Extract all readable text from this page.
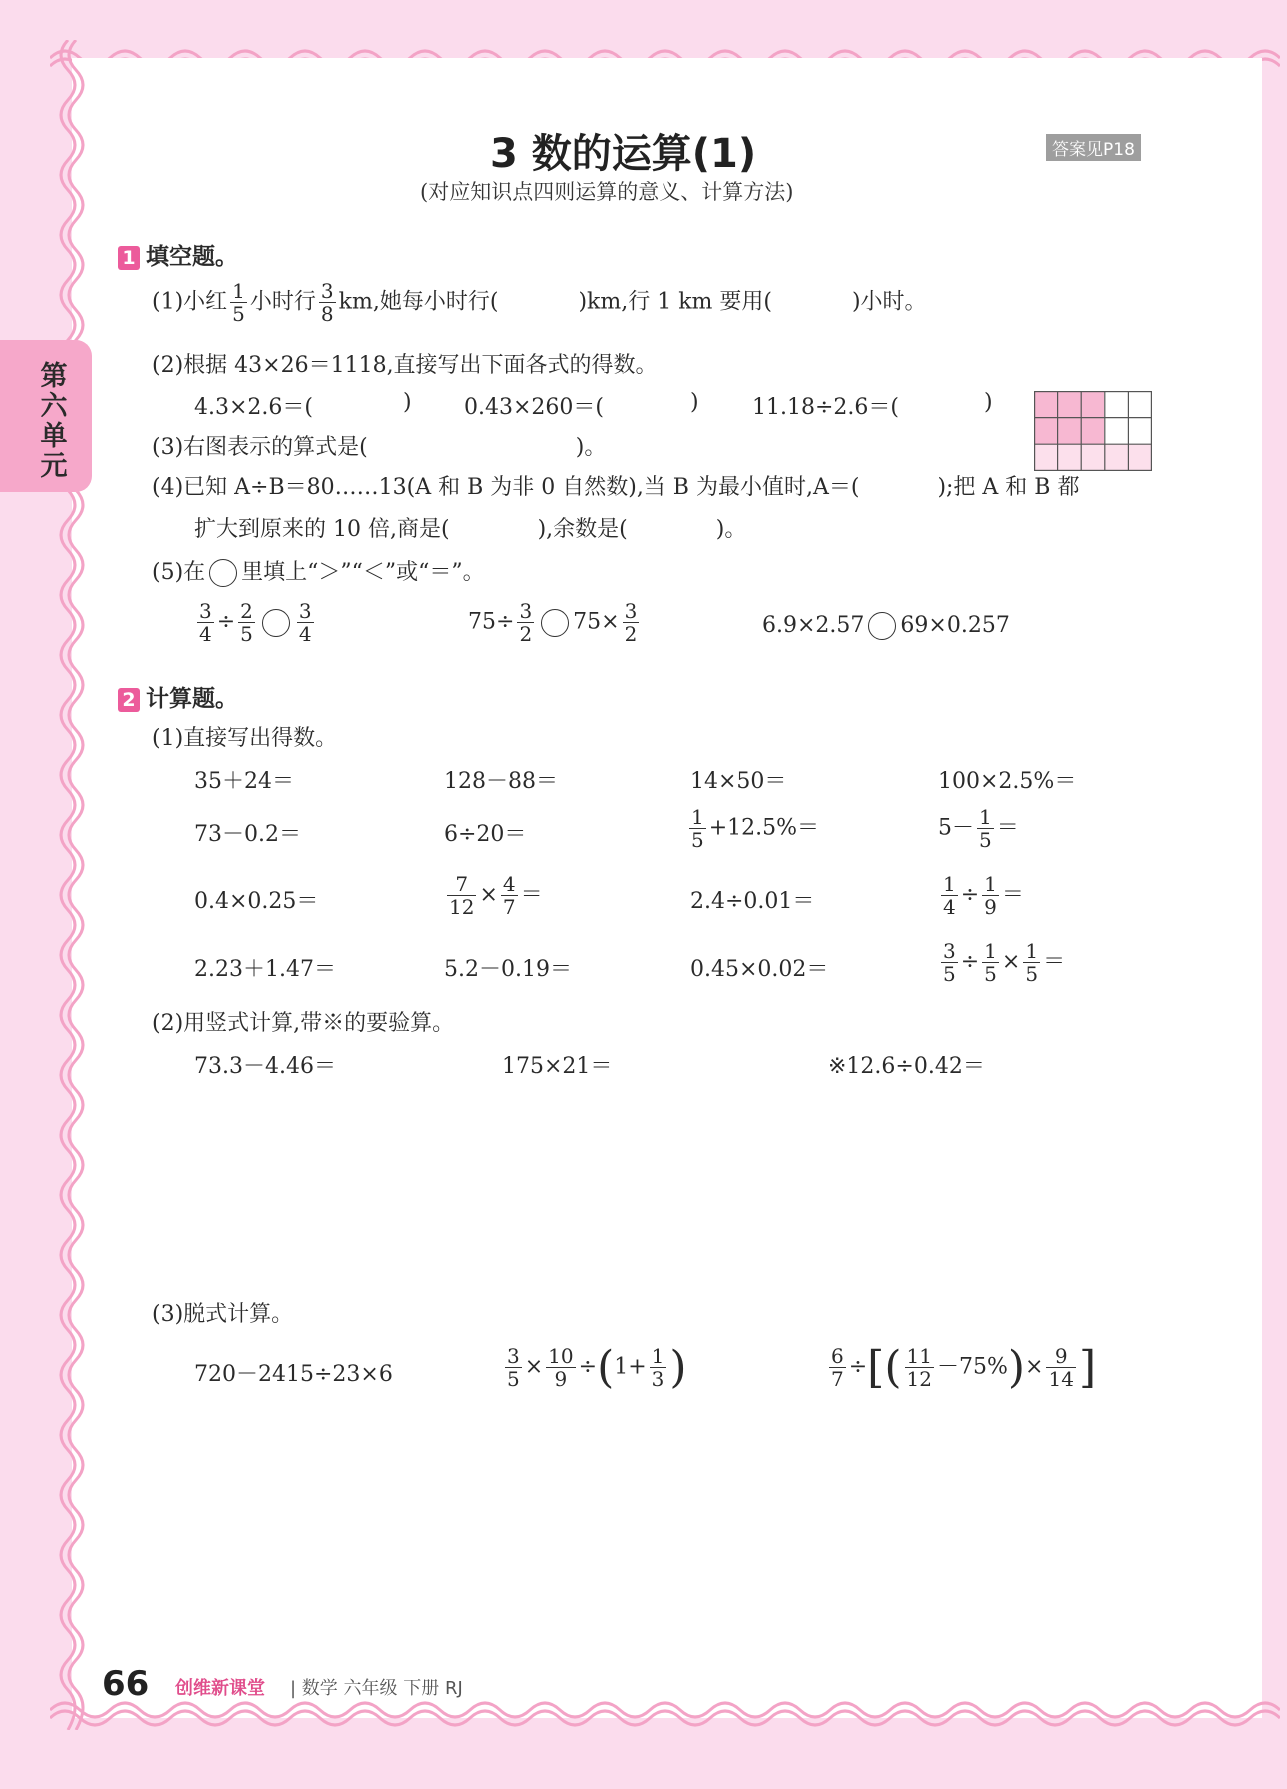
第六单元
3 数的运算(1)	答案见P18
(对应知识点四则运算的意义、计算方法)
1 填空题。
(1)小红 $\frac{1}{5}$ 小时行 $\frac{3}{8}$ km,她每小时行(	)km,行 1 km 要用(	)小时。
(2)根据 43×26＝1118,直接写出下面各式的得数。
4.3×2.6＝(	) 0.43×260＝(	) 11.18÷2.6＝(	)
(3)右图表示的算式是(	)。
(4)已知 A÷B＝80……13(A 和 B 为非 0 自然数),当 B 为最小值时,A＝(	);把 A 和 B 都
扩大到原来的 10 倍,商是(	),余数是(	)。
(5)在 里填上“＞”“＜”或“＝”。
$\frac{3}{4} \div \frac{2}{5} \frac{3}{4}$	$75\div \frac{3}{2} 75\times \frac{3}{2}$	6.9×2.57 69×0.257
2 计算题。
(1)直接写出得数。
35＋24＝	128－88＝	14×50＝	100×2.5%＝
73－0.2＝	6÷20＝	$\frac{1}{5} +12.5\%=$	$5- \frac{1}{5}$ ＝
0.4×0.25＝	$\frac{7}{12} \times \frac{4}{7}$ ＝	2.4÷0.01＝	$\frac{1}{4} \div \frac{1}{9}$ ＝
2.23＋1.47＝	5.2－0.19＝	0.45×0.02＝	$\frac{3}{5} \div \frac{1}{5} \times \frac{1}{5}$ ＝
(2)用竖式计算,带※的要验算。
73.3－4.46＝	175×21＝	※12.6÷0.42＝
(3)脱式计算。
720－2415÷23×6	$\frac{3}{5} \times \frac{10}{9} \div(1+ \frac{1}{3}$ )	$\frac{6}{7}$ ÷[( $\frac{11}{12} -75\%)\times \frac{9}{14}$ ]
66 创维新课堂 | 数学 六年级 下册 RJ
